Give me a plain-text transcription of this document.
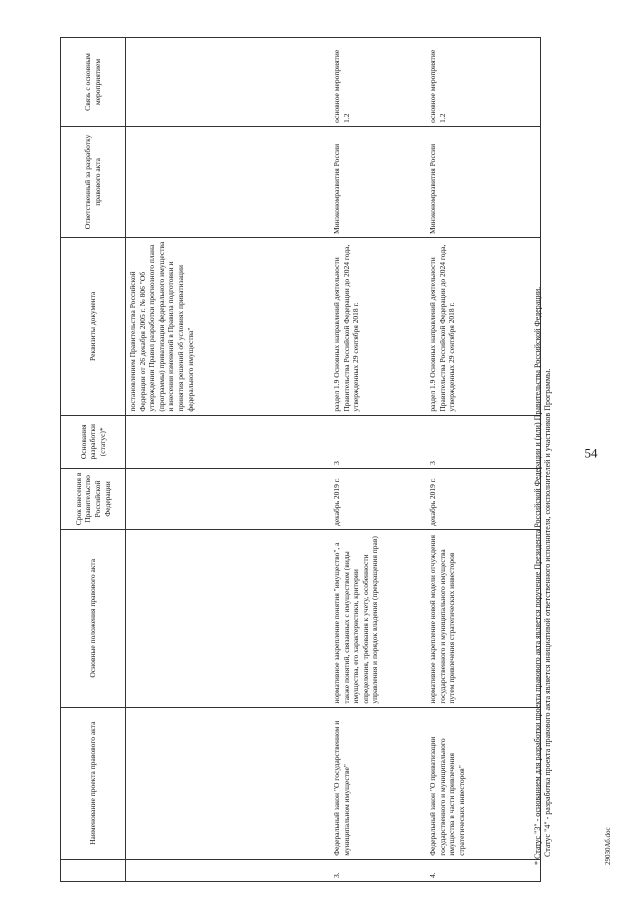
54
	Наименование проекта правового акта	Основные положения правового акта	Срок внесения в Правительство Российской Федерации	Основания разработки (статус)*	Реквизиты документа	Ответственный за разработку правового акта	Связь с основным мероприятием
					постановлением Правительства Российской Федерации от 26 декабря 2005 г. № 806 "Об утверждении Правил разработки прогнозного плана (программы) приватизации федерального имущества и внесении изменений в Правила подготовки и принятия решений об условиях приватизации федерального имущества"		
3.	Федеральный закон "О государственном и муниципальном имуществе"	нормативное закрепление понятия "имущество", а также понятий, связанных с имуществом (виды имущества, его характеристики, критерии определения, требования к учету, особенности управления и порядок владения (прекращения прав)	декабрь 2019 г.	3	раздел 1.9 Основных направлений деятельности Правительства Российской Федерации до 2024 года, утвержденных 29 сентября 2018 г.	Минэкономразвития России	основное мероприятие 1.2
4.	Федеральный закон "О приватизации государственного и муниципального имущества в части привлечения стратегических инвесторов"	нормативное закрепление новой модели отчуждения государственного и муниципального имущества путем привлечения стратегических инвесторов	декабрь 2019 г.	3	раздел 1.9 Основных направлений деятельности Правительства Российской Федерации до 2024 года, утвержденных 29 сентября 2018 г.	Минэкономразвития России	основное мероприятие 1.2
* Статус "3" - основанием для разработки проекта правового акта является поручение Президента Российской Федерации и (или) Правительства Российской Федерации. Статус "4" - разработка проекта правового акта является инициативой ответственного исполнителя, соисполнителей и участников Программы.	29030Аб.doc
